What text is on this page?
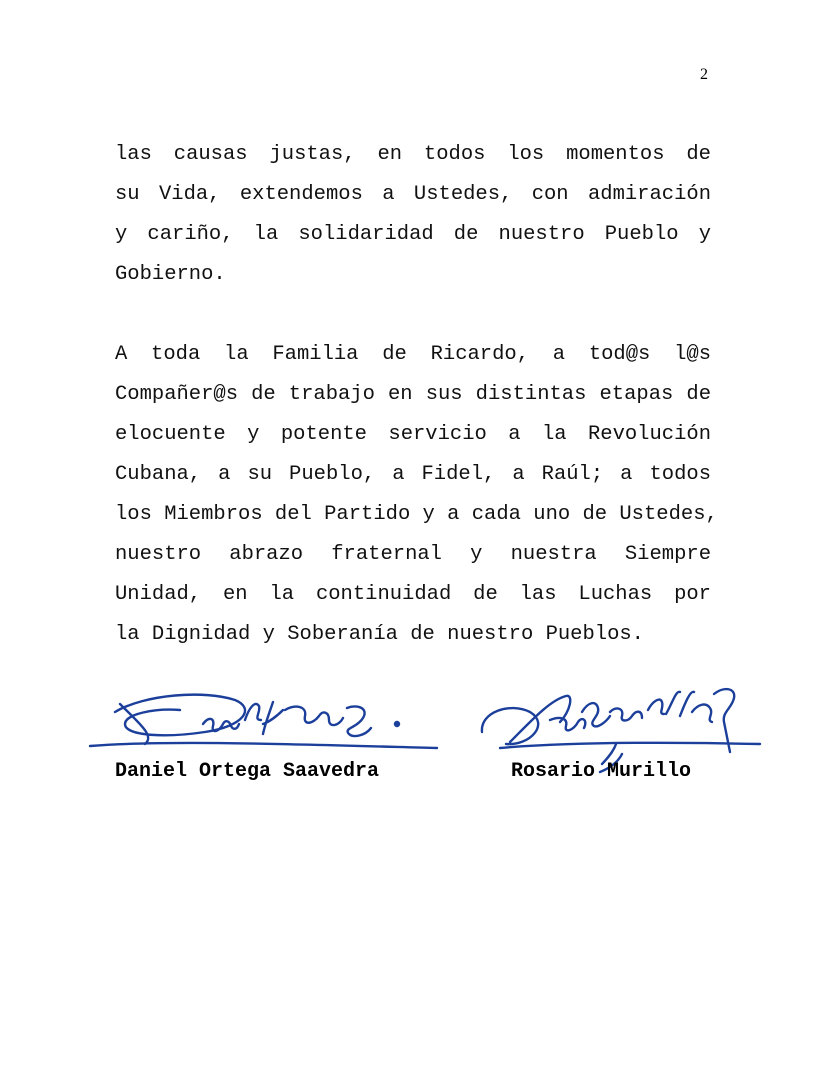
2
las causas justas, en todos los momentos de
su Vida, extendemos a Ustedes, con admiración
y cariño, la solidaridad de nuestro Pueblo y
Gobierno.
A toda la Familia de Ricardo, a tod@s l@s
Compañer@s de trabajo en sus distintas etapas de
elocuente y potente servicio a la Revolución
Cubana, a su Pueblo, a Fidel, a Raúl; a todos
los Miembros del Partido y a cada uno de Ustedes,
nuestro abrazo fraternal y nuestra Siempre
Unidad, en la continuidad de las Luchas por
la Dignidad y Soberanía de nuestro Pueblos.
Daniel Ortega Saavedra	Rosario Murillo
